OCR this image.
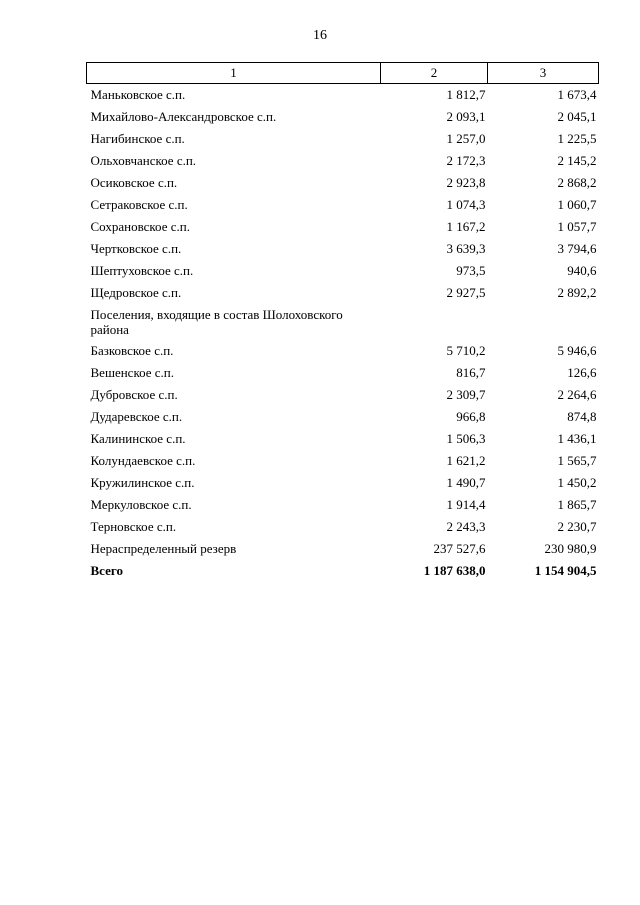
16
1	2	3
Маньковское с.п.	1 812,7	1 673,4
Михайлово-Александровское с.п.	2 093,1	2 045,1
Нагибинское с.п.	1 257,0	1 225,5
Ольховчанское с.п.	2 172,3	2 145,2
Осиковское с.п.	2 923,8	2 868,2
Сетраковское с.п.	1 074,3	1 060,7
Сохрановское с.п.	1 167,2	1 057,7
Чертковское с.п.	3 639,3	3 794,6
Шептуховское с.п.	973,5	940,6
Щедровское с.п.	2 927,5	2 892,2
Поселения, входящие в состав Шолоховского района		
Базковское с.п.	5 710,2	5 946,6
Вешенское с.п.	816,7	126,6
Дубровское с.п.	2 309,7	2 264,6
Дударевское с.п.	966,8	874,8
Калининское с.п.	1 506,3	1 436,1
Колундаевское с.п.	1 621,2	1 565,7
Кружилинское с.п.	1 490,7	1 450,2
Меркуловское с.п.	1 914,4	1 865,7
Терновское с.п.	2 243,3	2 230,7
Нераспределенный резерв	237 527,6	230 980,9
Всего	1 187 638,0	1 154 904,5
